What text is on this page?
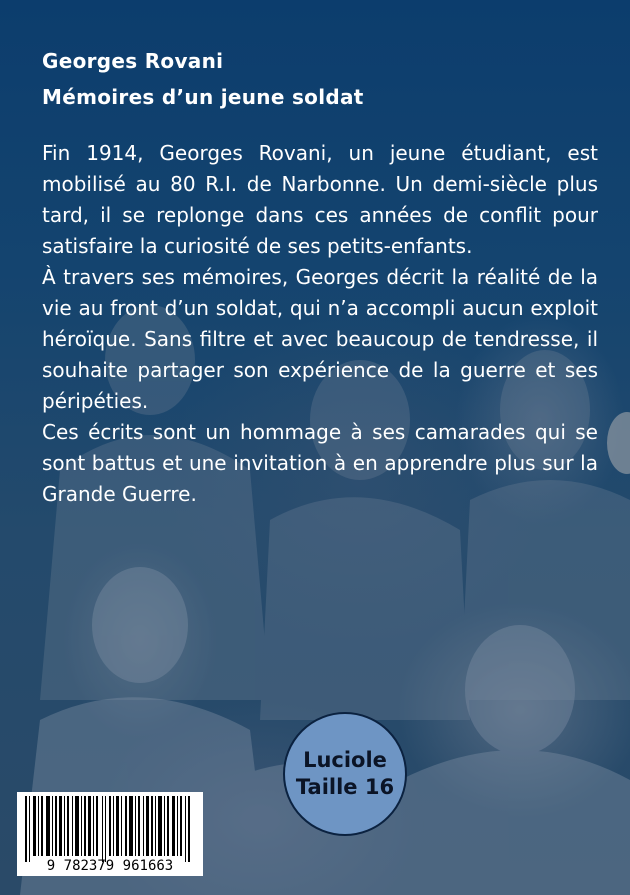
Georges Rovani
Mémoires d’un jeune soldat

Fin 1914, Georges Rovani, un jeune étudiant, est mobilisé au 80 R.I. de Narbonne. Un demi-siècle plus tard, il se replonge dans ces années de conflit pour satisfaire la curiosité de ses petits-enfants.

À travers ses mémoires, Georges décrit la réalité de la vie au front d’un soldat, qui n’a accompli aucun exploit héroïque. Sans filtre et avec beaucoup de tendresse, il souhaite partager son expérience de la guerre et ses péripéties.

Ces écrits sont un hommage à ses camarades qui se sont battus et une invitation à en apprendre plus sur la Grande Guerre.

Luciole
Taille 16
9 782379 961663
